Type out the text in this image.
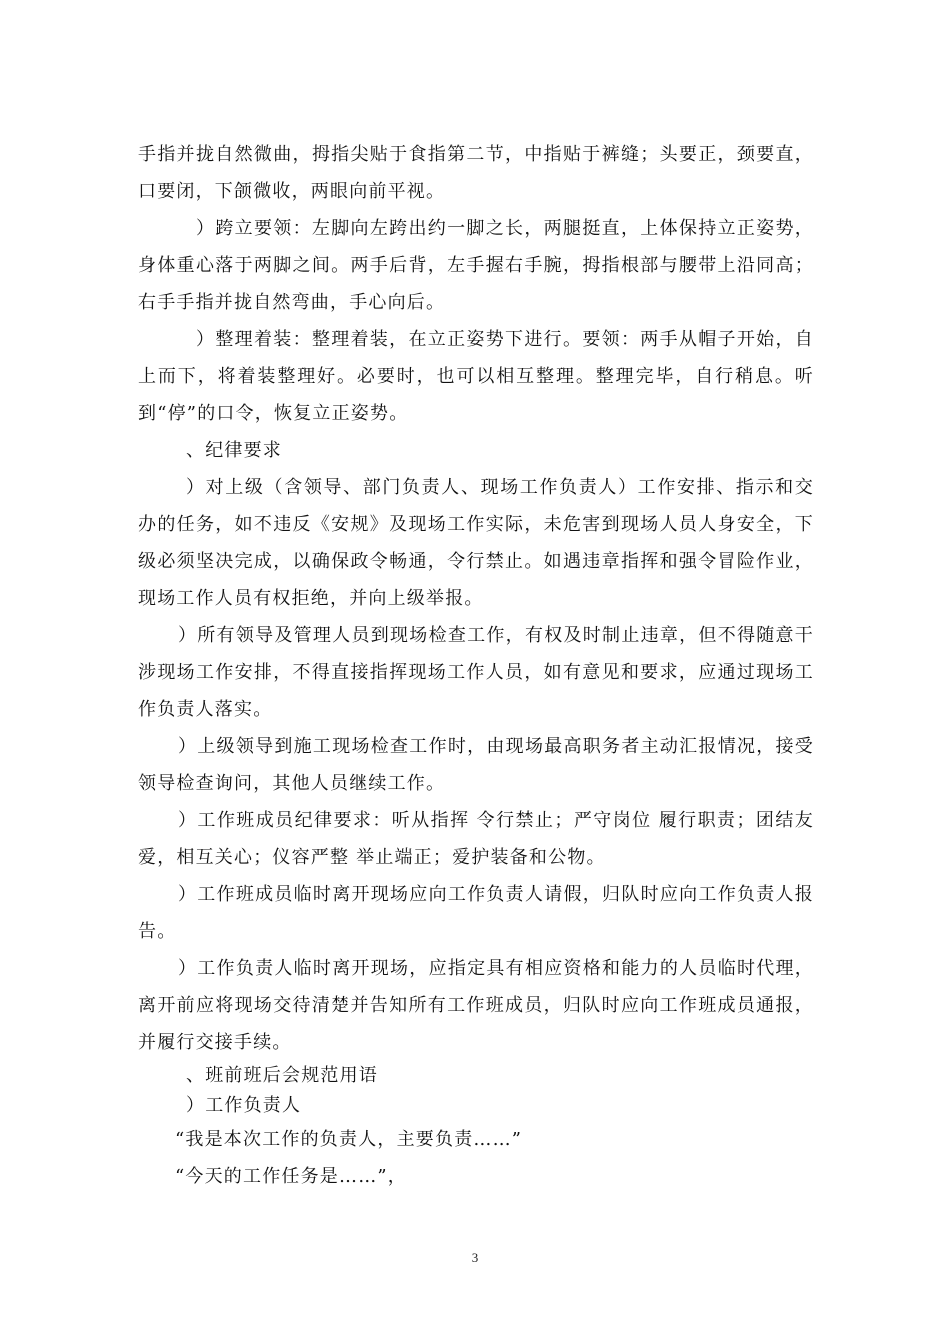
手指并拢自然微曲，拇指尖贴于食指第二节，中指贴于裤缝；头要正，颈要直，口要闭，下颌微收，两眼向前平视。

）跨立要领：左脚向左跨出约一脚之长，两腿挺直，上体保持立正姿势，身体重心落于两脚之间。两手后背，左手握右手腕，拇指根部与腰带上沿同高；右手手指并拢自然弯曲，手心向后。

）整理着装：整理着装，在立正姿势下进行。要领：两手从帽子开始，自上而下，将着装整理好。必要时，也可以相互整理。整理完毕，自行稍息。听到“停”的口令，恢复立正姿势。

、纪律要求

）对上级（含领导、部门负责人、现场工作负责人）工作安排、指示和交办的任务，如不违反《安规》及现场工作实际，未危害到现场人员人身安全，下级必须坚决完成，以确保政令畅通，令行禁止。如遇违章指挥和强令冒险作业，现场工作人员有权拒绝，并向上级举报。

）所有领导及管理人员到现场检查工作，有权及时制止违章，但不得随意干涉现场工作安排，不得直接指挥现场工作人员，如有意见和要求，应通过现场工作负责人落实。

）上级领导到施工现场检查工作时，由现场最高职务者主动汇报情况，接受领导检查询问，其他人员继续工作。

）工作班成员纪律要求：听从指挥 令行禁止；严守岗位 履行职责；团结友爱，相互关心；仪容严整 举止端正；爱护装备和公物。

）工作班成员临时离开现场应向工作负责人请假，归队时应向工作负责人报告。

）工作负责人临时离开现场，应指定具有相应资格和能力的人员临时代理，离开前应将现场交待清楚并告知所有工作班成员，归队时应向工作班成员通报，并履行交接手续。

、班前班后会规范用语

）工作负责人

“我是本次工作的负责人，主要负责……”

“今天的工作任务是……”，

3
